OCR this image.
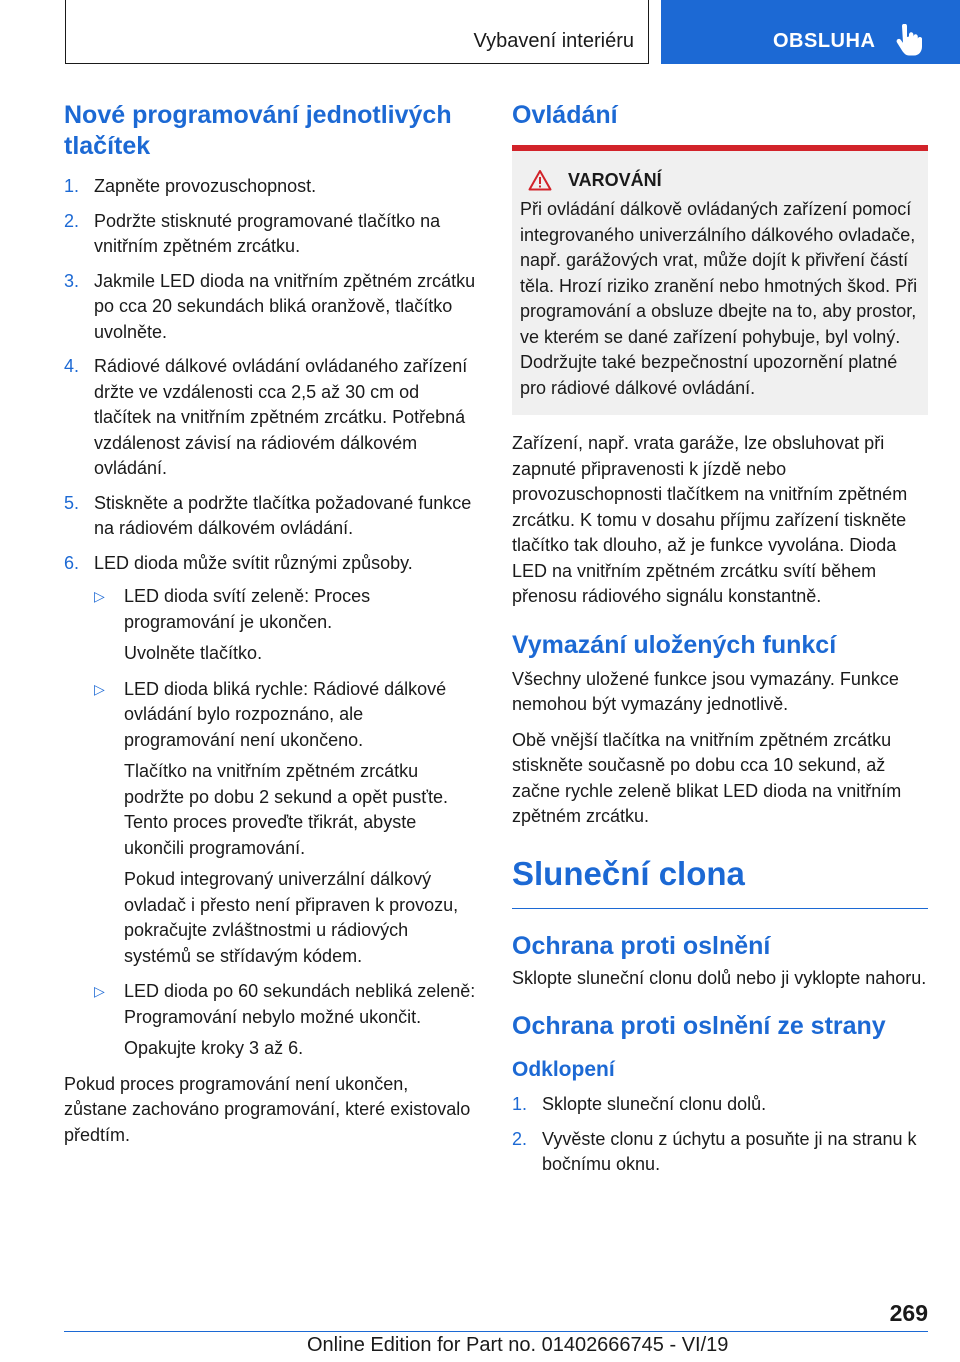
Vybavení interiéru	OBSLUHA
Nové programování jednotlivých tlačítek
1. Zapněte provozuschopnost.
2. Podržte stisknuté programované tlačítko na vnitřním zpětném zrcátku.
3. Jakmile LED dioda na vnitřním zpětném zrcátku po cca 20 sekundách bliká oranžově, tlačítko uvolněte.
4. Rádiové dálkové ovládání ovládaného zařízení držte ve vzdálenosti cca 2,5 až 30 cm od tlačítek na vnitřním zpětném zrcátku. Potřebná vzdálenost závisí na rádiovém dálkovém ovládání.
5. Stiskněte a podržte tlačítka požadované funkce na rádiovém dálkovém ovládání.
6. LED dioda může svítit různými způsoby.
▷ LED dioda svítí zeleně: Proces programování je ukončen.
Uvolněte tlačítko.
▷ LED dioda bliká rychle: Rádiové dálkové ovládání bylo rozpoznáno, ale programování není ukončeno.
Tlačítko na vnitřním zpětném zrcátku podržte po dobu 2 sekund a opět pusťte. Tento proces proveďte třikrát, abyste ukončili programování.
Pokud integrovaný univerzální dálkový ovladač i přesto není připraven k provozu, pokračujte zvláštnostmi u rádiových systémů se střídavým kódem.
▷ LED dioda po 60 sekundách nebliká zeleně: Programování nebylo možné ukončit.
Opakujte kroky 3 až 6.

Pokud proces programování není ukončen, zůstane zachováno programování, které existovalo předtím.

Ovládání
VAROVÁNÍ

Při ovládání dálkově ovládaných zařízení pomocí integrovaného univerzálního dálkového ovladače, např. garážových vrat, může dojít k přivření částí těla. Hrozí riziko zranění nebo hmotných škod. Při programování a obsluze dbejte na to, aby prostor, ve kterém se dané zařízení pohybuje, byl volný. Dodržujte také bezpečnostní upozornění platné pro rádiové dálkové ovládání.

Zařízení, např. vrata garáže, lze obsluhovat při zapnuté připravenosti k jízdě nebo provozuschopnosti tlačítkem na vnitřním zpětném zrcátku. K tomu v dosahu příjmu zařízení tiskněte tlačítko tak dlouho, až je funkce vyvolána. Dioda LED na vnitřním zpětném zrcátku svítí během přenosu rádiového signálu konstantně.

Vymazání uložených funkcí

Všechny uložené funkce jsou vymazány. Funkce nemohou být vymazány jednotlivě.

Obě vnější tlačítka na vnitřním zpětném zrcátku stiskněte současně po dobu cca 10 sekund, až začne rychle zeleně blikat LED dioda na vnitřním zpětném zrcátku.

Sluneční clona
Ochrana proti oslnění

Sklopte sluneční clonu dolů nebo ji vyklopte nahoru.

Ochrana proti oslnění ze strany
Odklopení
1. Sklopte sluneční clonu dolů.
2. Vyvěste clonu z úchytu a posuňte ji na stranu k bočnímu oknu.
269
Online Edition for Part no. 01402666745 - VI/19
